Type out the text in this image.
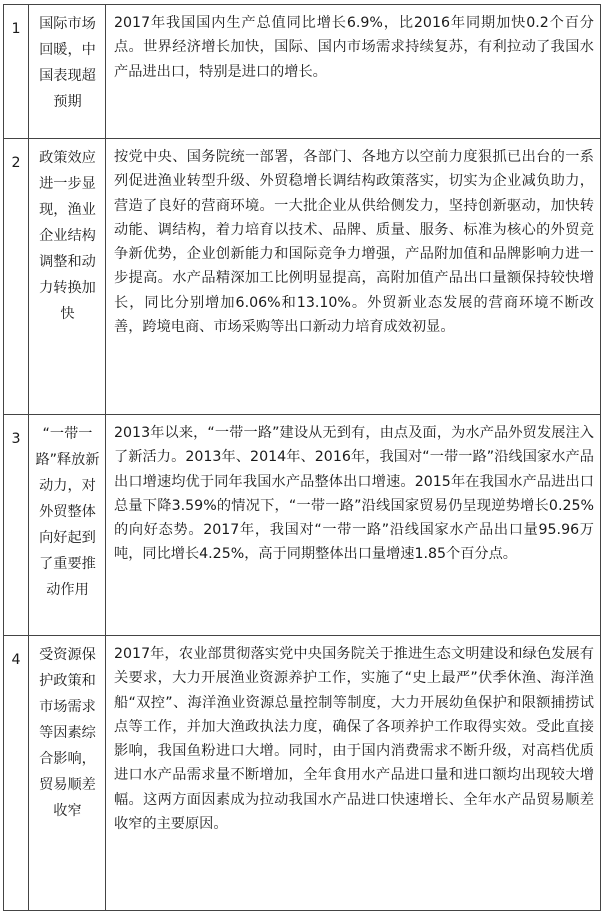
1	国际市场回暖，中国表现超预期	2017年我国国内生产总值同比增长6.9%，比2016年同期加快0.2个百分点。世界经济增长加快，国际、国内市场需求持续复苏，有利拉动了我国水产品进出口，特别是进口的增长。
2	政策效应进一步显现，渔业企业结构调整和动力转换加快	按党中央、国务院统一部署，各部门、各地方以空前力度狠抓已出台的一系列促进渔业转型升级、外贸稳增长调结构政策落实，切实为企业减负助力，营造了良好的营商环境。一大批企业从供给侧发力，坚持创新驱动，加快转动能、调结构，着力培育以技术、品牌、质量、服务、标准为核心的外贸竞争新优势，企业创新能力和国际竞争力增强，产品附加值和品牌影响力进一步提高。水产品精深加工比例明显提高，高附加值产品出口量额保持较快增长，同比分别增加6.06%和13.10%。外贸新业态发展的营商环境不断改善，跨境电商、市场采购等出口新动力培育成效初显。
3	“一带一路”释放新动力，对外贸整体向好起到了重要推动作用	2013年以来，“一带一路”建设从无到有，由点及面，为水产品外贸发展注入了新活力。2013年、2014年、2016年，我国对“一带一路”沿线国家水产品出口增速均优于同年我国水产品整体出口增速。2015年在我国水产品进出口总量下降3.59%的情况下，“一带一路”沿线国家贸易仍呈现逆势增长0.25%的向好态势。2017年，我国对“一带一路”沿线国家水产品出口量95.96万吨，同比增长4.25%，高于同期整体出口量增速1.85个百分点。
4	受资源保护政策和市场需求等因素综合影响，贸易顺差收窄	2017年，农业部贯彻落实党中央国务院关于推进生态文明建设和绿色发展有关要求，大力开展渔业资源养护工作，实施了“史上最严”伏季休渔、海洋渔船“双控”、海洋渔业资源总量控制等制度，大力开展幼鱼保护和限额捕捞试点等工作，并加大渔政执法力度，确保了各项养护工作取得实效。受此直接影响，我国鱼粉进口大增。同时，由于国内消费需求不断升级，对高档优质进口水产品需求量不断增加，全年食用水产品进口量和进口额均出现较大增幅。这两方面因素成为拉动我国水产品进口快速增长、全年水产品贸易顺差收窄的主要原因。
